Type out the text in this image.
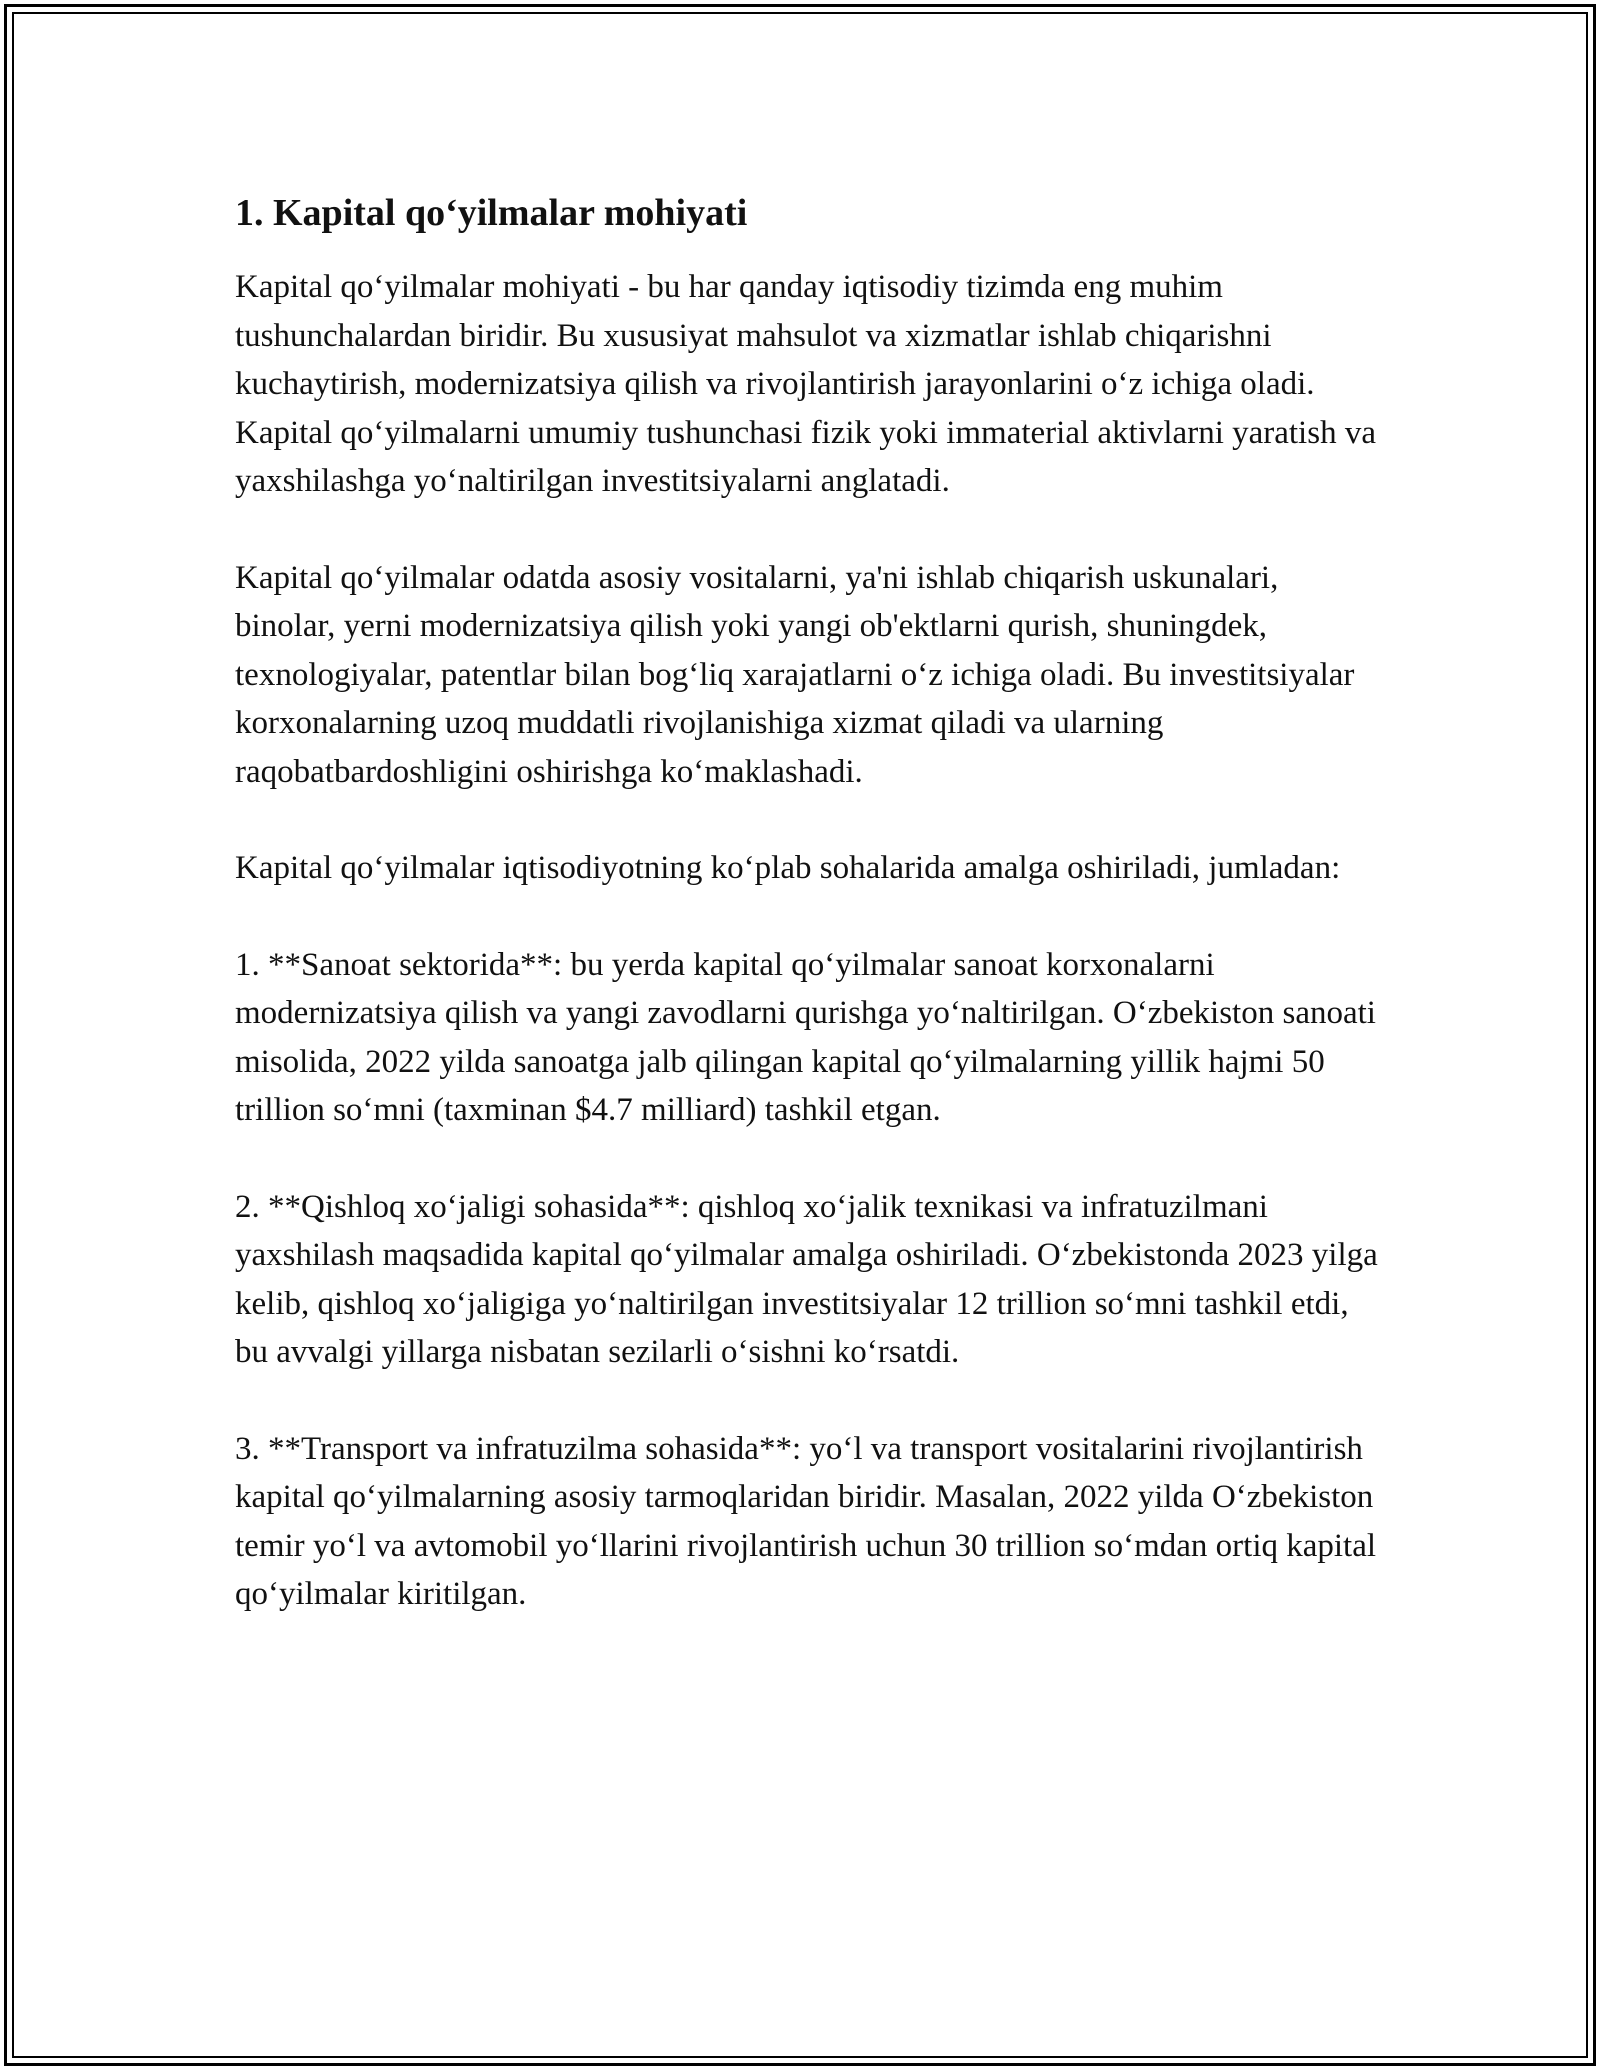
1. Kapital qo‘yilmalar mohiyati

Kapital qo‘yilmalar mohiyati - bu har qanday iqtisodiy tizimda eng muhim tushunchalardan biridir. Bu xususiyat mahsulot va xizmatlar ishlab chiqarishni kuchaytirish, modernizatsiya qilish va rivojlantirish jarayonlarini o‘z ichiga oladi. Kapital qo‘yilmalarni umumiy tushunchasi fizik yoki immaterial aktivlarni yaratish va yaxshilashga yo‘naltirilgan investitsiyalarni anglatadi.

Kapital qo‘yilmalar odatda asosiy vositalarni, ya'ni ishlab chiqarish uskunalari, binolar, yerni modernizatsiya qilish yoki yangi ob'ektlarni qurish, shuningdek, texnologiyalar, patentlar bilan bog‘liq xarajatlarni o‘z ichiga oladi. Bu investitsiyalar korxonalarning uzoq muddatli rivojlanishiga xizmat qiladi va ularning raqobatbardoshligini oshirishga ko‘maklashadi.

Kapital qo‘yilmalar iqtisodiyotning ko‘plab sohalarida amalga oshiriladi, jumladan:

1. **Sanoat sektorida**: bu yerda kapital qo‘yilmalar sanoat korxonalarni modernizatsiya qilish va yangi zavodlarni qurishga yo‘naltirilgan. O‘zbekiston sanoati misolida, 2022 yilda sanoatga jalb qilingan kapital qo‘yilmalarning yillik hajmi 50 trillion so‘mni (taxminan $4.7 milliard) tashkil etgan.

2. **Qishloq xo‘jaligi sohasida**: qishloq xo‘jalik texnikasi va infratuzilmani yaxshilash maqsadida kapital qo‘yilmalar amalga oshiriladi. O‘zbekistonda 2023 yilga kelib, qishloq xo‘jaligiga yo‘naltirilgan investitsiyalar 12 trillion so‘mni tashkil etdi, bu avvalgi yillarga nisbatan sezilarli o‘sishni ko‘rsatdi.

3. **Transport va infratuzilma sohasida**: yo‘l va transport vositalarini rivojlantirish kapital qo‘yilmalarning asosiy tarmoqlaridan biridir. Masalan, 2022 yilda O‘zbekiston temir yo‘l va avtomobil yo‘llarini rivojlantirish uchun 30 trillion so‘mdan ortiq kapital qo‘yilmalar kiritilgan.
